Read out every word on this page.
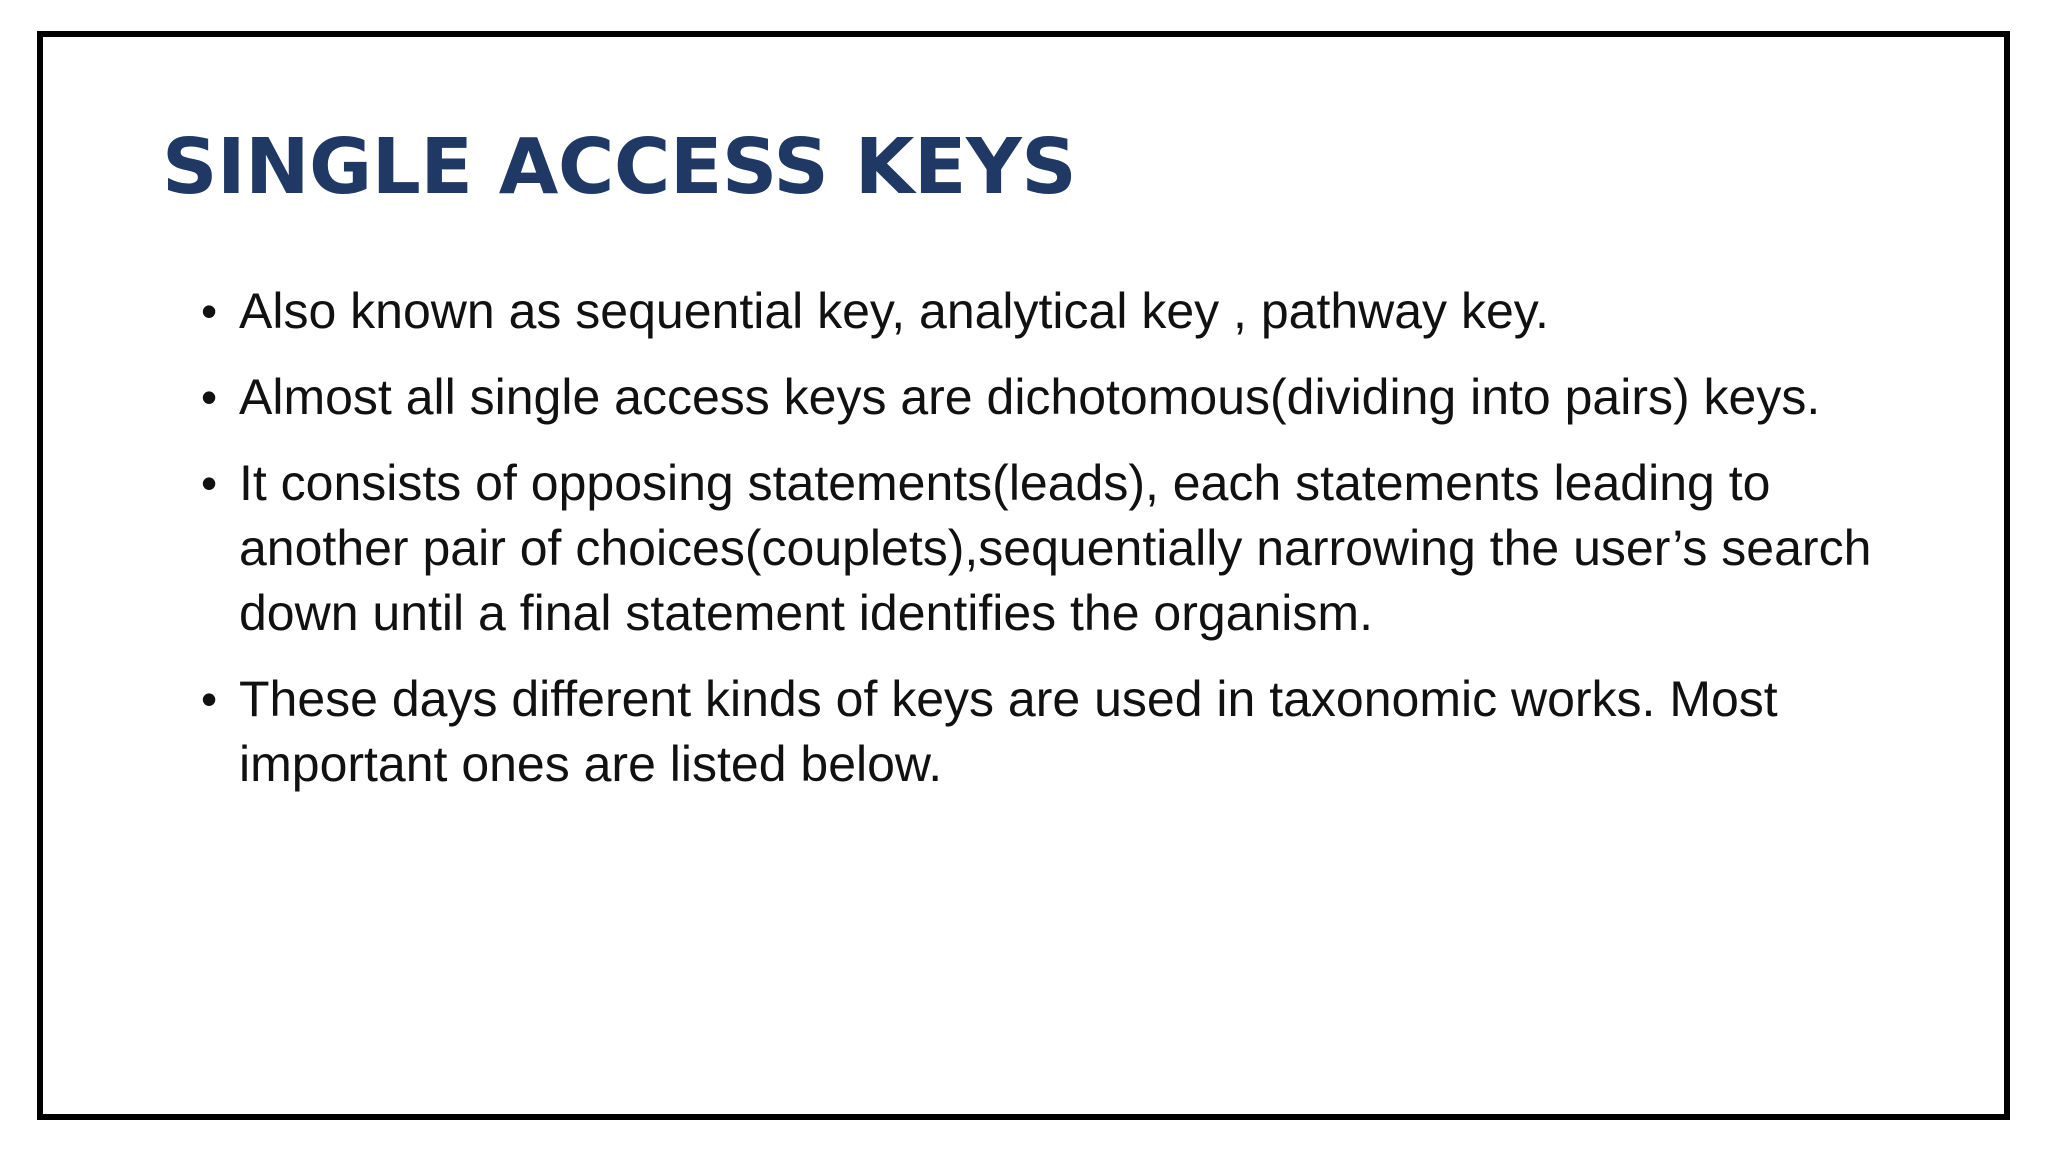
SINGLE ACCESS KEYS
• Also known as sequential key, analytical key , pathway key.
• Almost all single access keys are dichotomous(dividing into pairs) keys.
• It consists of opposing statements(leads), each statements leading to another pair of choices(couplets),sequentially narrowing the user’s search down until a final statement identifies the organism.
• These days different kinds of keys are used in taxonomic works. Most important ones are listed below.
